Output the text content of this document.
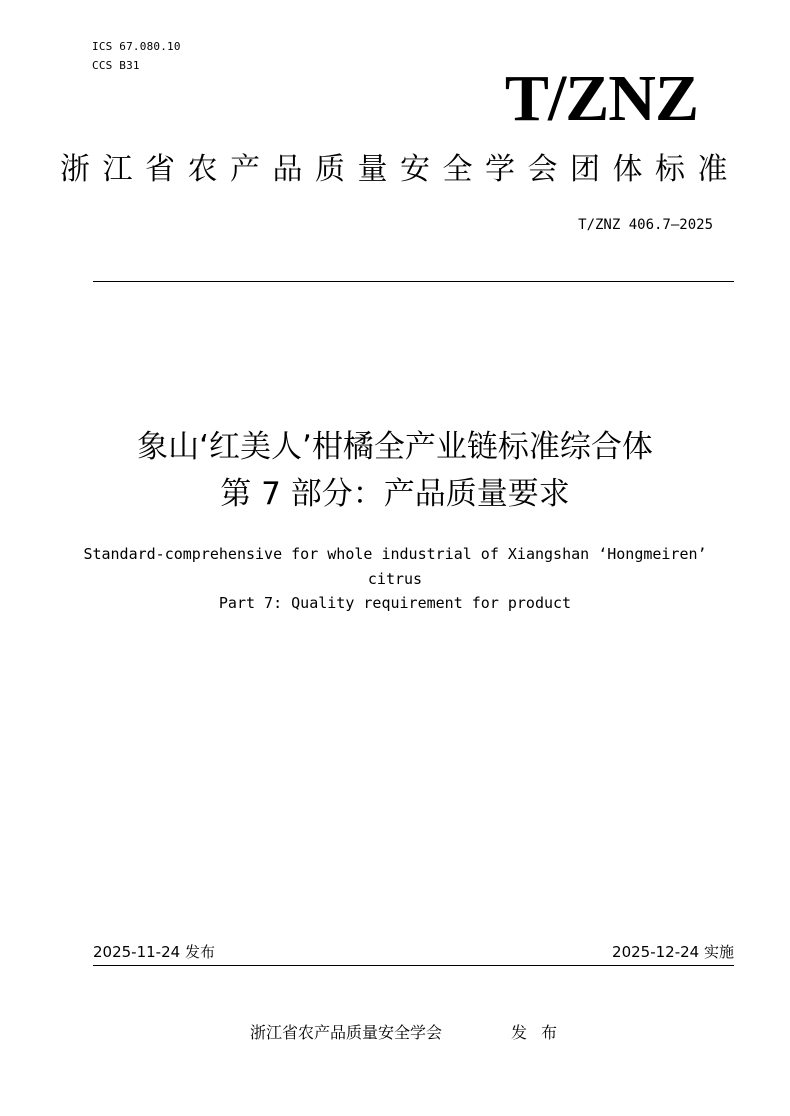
ICS 67.080.10
CCS B31	T/ZNZ
浙江省农产品质量安全学会团体标准
T/ZNZ 406.7—2025
象山‘红美人’柑橘全产业链标准综合体
第 7 部分：产品质量要求
Standard-comprehensive for whole industrial of Xiangshan ‘Hongmeiren’
citrus
Part 7: Quality requirement for product
2025-11-24 发布	2025-12-24 实施
浙江省农产品质量安全学会	发布
